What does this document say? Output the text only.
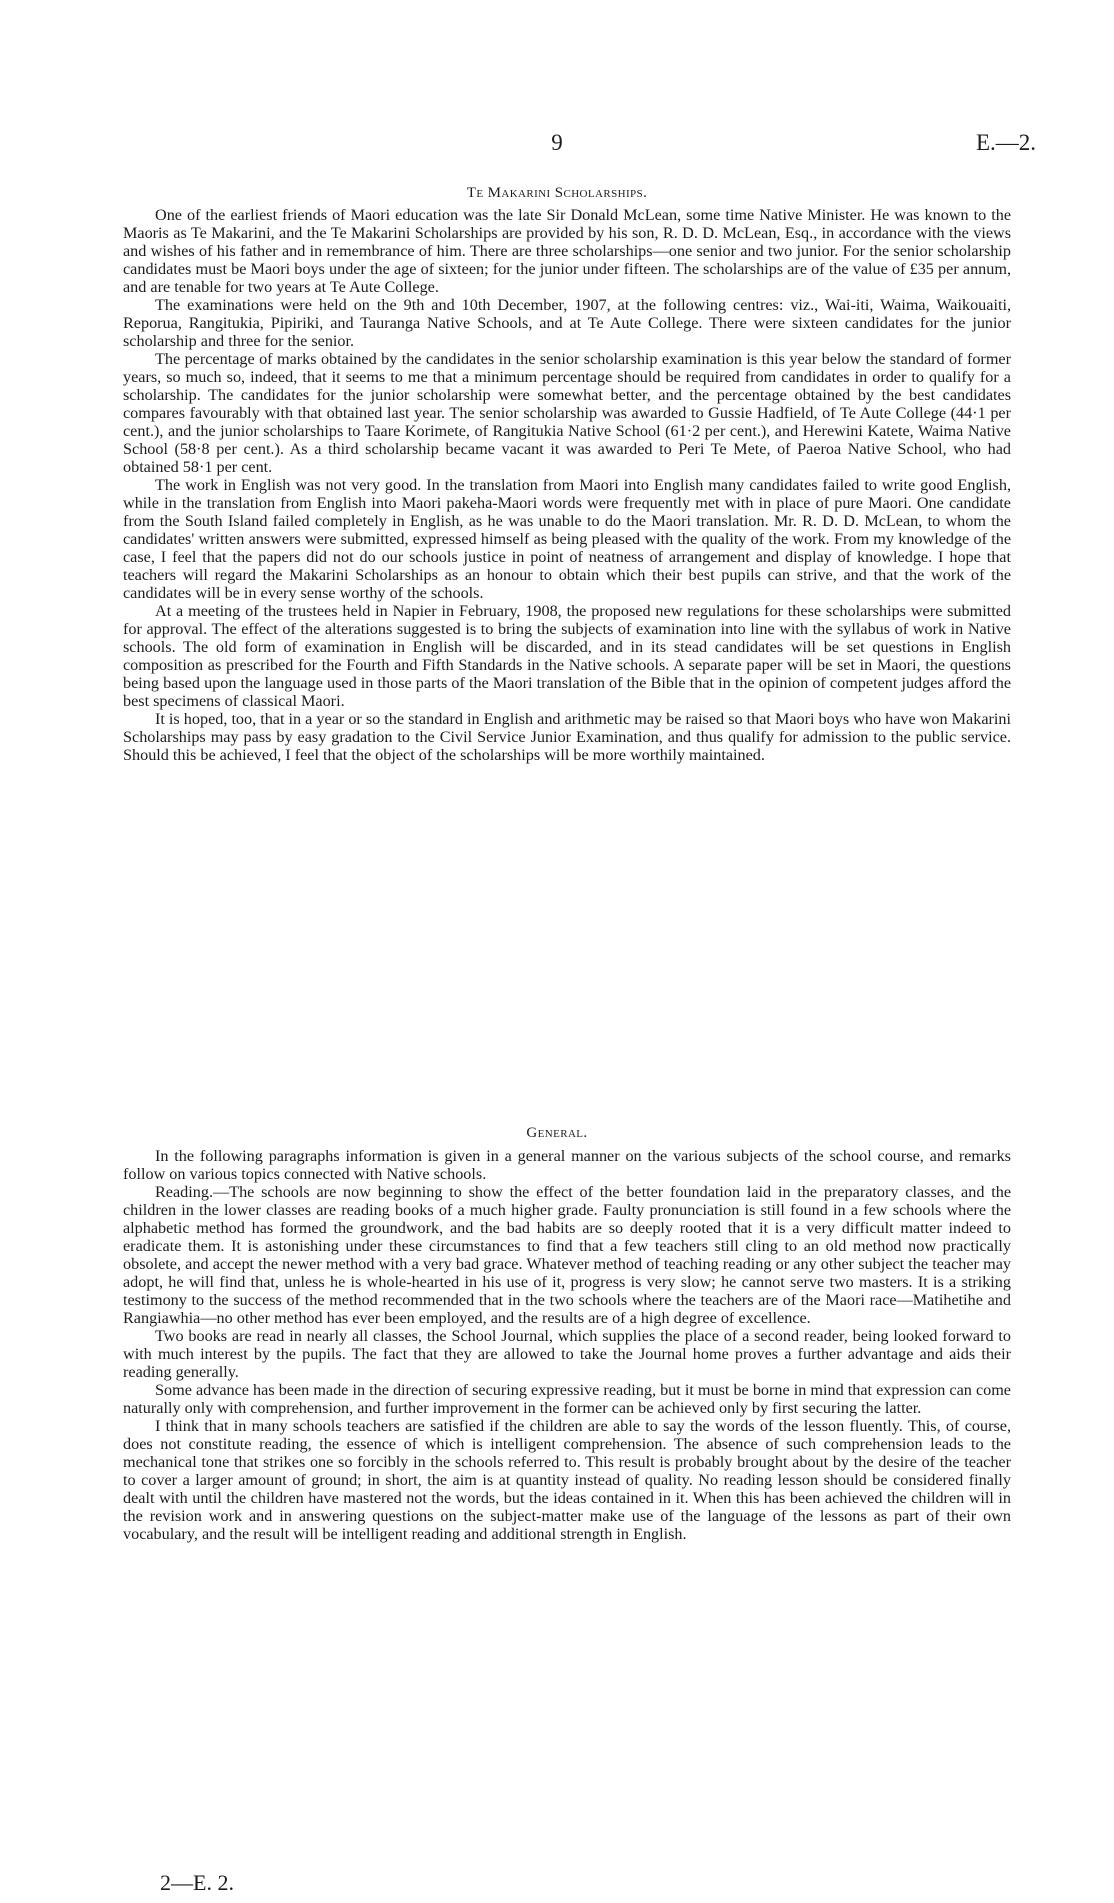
9	E.—2.
Te Makarini Scholarships.

One of the earliest friends of Maori education was the late Sir Donald McLean, some time Native Minister. He was known to the Maoris as Te Makarini, and the Te Makarini Scholarships are provided by his son, R. D. D. McLean, Esq., in accordance with the views and wishes of his father and in remembrance of him. There are three scholarships—one senior and two junior. For the senior scholarship candidates must be Maori boys under the age of sixteen; for the junior under fifteen. The scholarships are of the value of £35 per annum, and are tenable for two years at Te Aute College.

The examinations were held on the 9th and 10th December, 1907, at the following centres: viz., Wai-iti, Waima, Waikouaiti, Reporua, Rangitukia, Pipiriki, and Tauranga Native Schools, and at Te Aute College. There were sixteen candidates for the junior scholarship and three for the senior.

The percentage of marks obtained by the candidates in the senior scholarship examination is this year below the standard of former years, so much so, indeed, that it seems to me that a minimum percentage should be required from candidates in order to qualify for a scholarship. The candidates for the junior scholarship were somewhat better, and the percentage obtained by the best candidates compares favourably with that obtained last year. The senior scholarship was awarded to Gussie Hadfield, of Te Aute College (44·1 per cent.), and the junior scholarships to Taare Korimete, of Rangitukia Native School (61·2 per cent.), and Herewini Katete, Waima Native School (58·8 per cent.). As a third scholarship became vacant it was awarded to Peri Te Mete, of Paeroa Native School, who had obtained 58·1 per cent.

The work in English was not very good. In the translation from Maori into English many candidates failed to write good English, while in the translation from English into Maori pakeha-Maori words were frequently met with in place of pure Maori. One candidate from the South Island failed completely in English, as he was unable to do the Maori translation. Mr. R. D. D. McLean, to whom the candidates' written answers were submitted, expressed himself as being pleased with the quality of the work. From my knowledge of the case, I feel that the papers did not do our schools justice in point of neatness of arrangement and display of knowledge. I hope that teachers will regard the Makarini Scholarships as an honour to obtain which their best pupils can strive, and that the work of the candidates will be in every sense worthy of the schools.

At a meeting of the trustees held in Napier in February, 1908, the proposed new regulations for these scholarships were submitted for approval. The effect of the alterations suggested is to bring the subjects of examination into line with the syllabus of work in Native schools. The old form of examination in English will be discarded, and in its stead candidates will be set questions in English composition as prescribed for the Fourth and Fifth Standards in the Native schools. A separate paper will be set in Maori, the questions being based upon the language used in those parts of the Maori translation of the Bible that in the opinion of competent judges afford the best specimens of classical Maori.

It is hoped, too, that in a year or so the standard in English and arithmetic may be raised so that Maori boys who have won Makarini Scholarships may pass by easy gradation to the Civil Service Junior Examination, and thus qualify for admission to the public service. Should this be achieved, I feel that the object of the scholarships will be more worthily maintained.

General.

In the following paragraphs information is given in a general manner on the various subjects of the school course, and remarks follow on various topics connected with Native schools.

Reading.—The schools are now beginning to show the effect of the better foundation laid in the preparatory classes, and the children in the lower classes are reading books of a much higher grade. Faulty pronunciation is still found in a few schools where the alphabetic method has formed the groundwork, and the bad habits are so deeply rooted that it is a very difficult matter indeed to eradicate them. It is astonishing under these circumstances to find that a few teachers still cling to an old method now practically obsolete, and accept the newer method with a very bad grace. Whatever method of teaching reading or any other subject the teacher may adopt, he will find that, unless he is whole-hearted in his use of it, progress is very slow; he cannot serve two masters. It is a striking testimony to the success of the method recommended that in the two schools where the teachers are of the Maori race—Matihetihe and Rangiawhia—no other method has ever been employed, and the results are of a high degree of excellence.

Two books are read in nearly all classes, the School Journal, which supplies the place of a second reader, being looked forward to with much interest by the pupils. The fact that they are allowed to take the Journal home proves a further advantage and aids their reading generally.

Some advance has been made in the direction of securing expressive reading, but it must be borne in mind that expression can come naturally only with comprehension, and further improvement in the former can be achieved only by first securing the latter.

I think that in many schools teachers are satisfied if the children are able to say the words of the lesson fluently. This, of course, does not constitute reading, the essence of which is intelligent comprehension. The absence of such comprehension leads to the mechanical tone that strikes one so forcibly in the schools referred to. This result is probably brought about by the desire of the teacher to cover a larger amount of ground; in short, the aim is at quantity instead of quality. No reading lesson should be considered finally dealt with until the children have mastered not the words, but the ideas contained in it. When this has been achieved the children will in the revision work and in answering questions on the subject-matter make use of the language of the lessons as part of their own vocabulary, and the result will be intelligent reading and additional strength in English.

2—E. 2.
